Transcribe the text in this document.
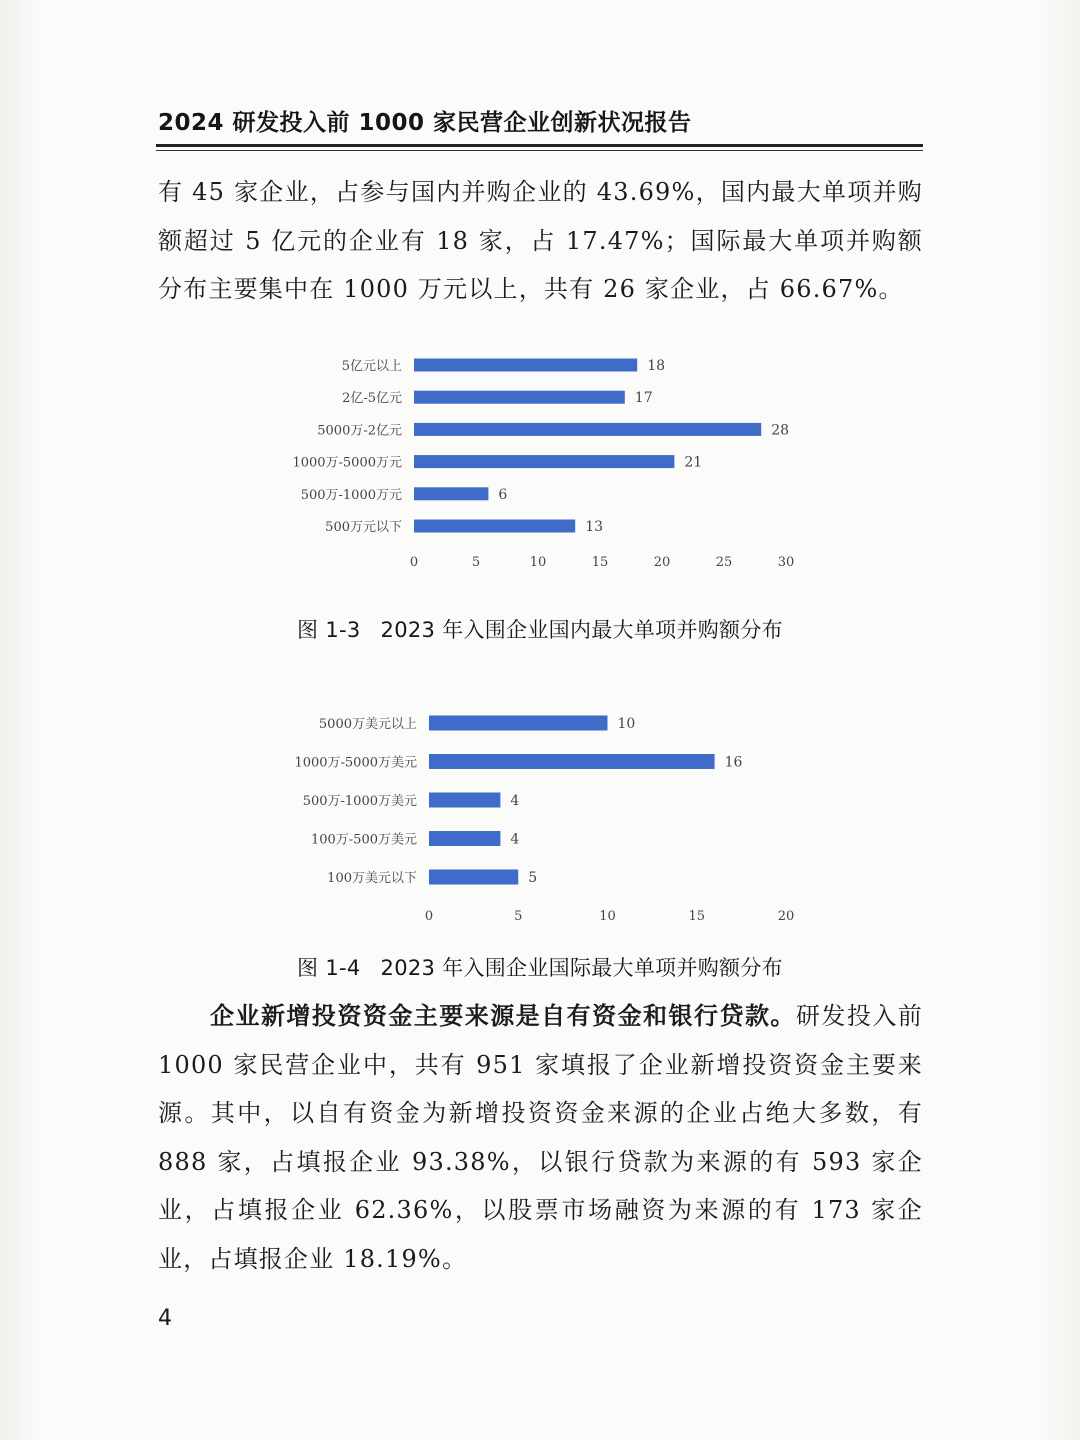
2024 研发投入前 1000 家民营企业创新状况报告
有 45 家企业，占参与国内并购企业的 43.69%，国内最大单项并购额超过 5 亿元的企业有 18 家，占 17.47%；国际最大单项并购额分布主要集中在 1000 万元以上，共有 26 家企业，占 66.67%。
5亿元以上	18
2亿-5亿元	17
5000万-2亿元	28
1000万-5000万元	21
500万-1000万元	6
500万元以下	13
0	5	10	15	20	25	30
图 1-3 2023 年入围企业国内最大单项并购额分布
5000万美元以上	10
1000万-5000万美元	16
500万-1000万美元	4
100万-500万美元	4
100万美元以下	5
0	5	10	15	20
图 1-4 2023 年入围企业国际最大单项并购额分布
企业新增投资资金主要来源是自有资金和银行贷款。研发投入前 1000 家民营企业中，共有 951 家填报了企业新增投资资金主要来源。其中，以自有资金为新增投资资金来源的企业占绝大多数，有 888 家，占填报企业 93.38%，以银行贷款为来源的有 593 家企业，占填报企业 62.36%，以股票市场融资为来源的有 173 家企业，占填报企业 18.19%。
4
